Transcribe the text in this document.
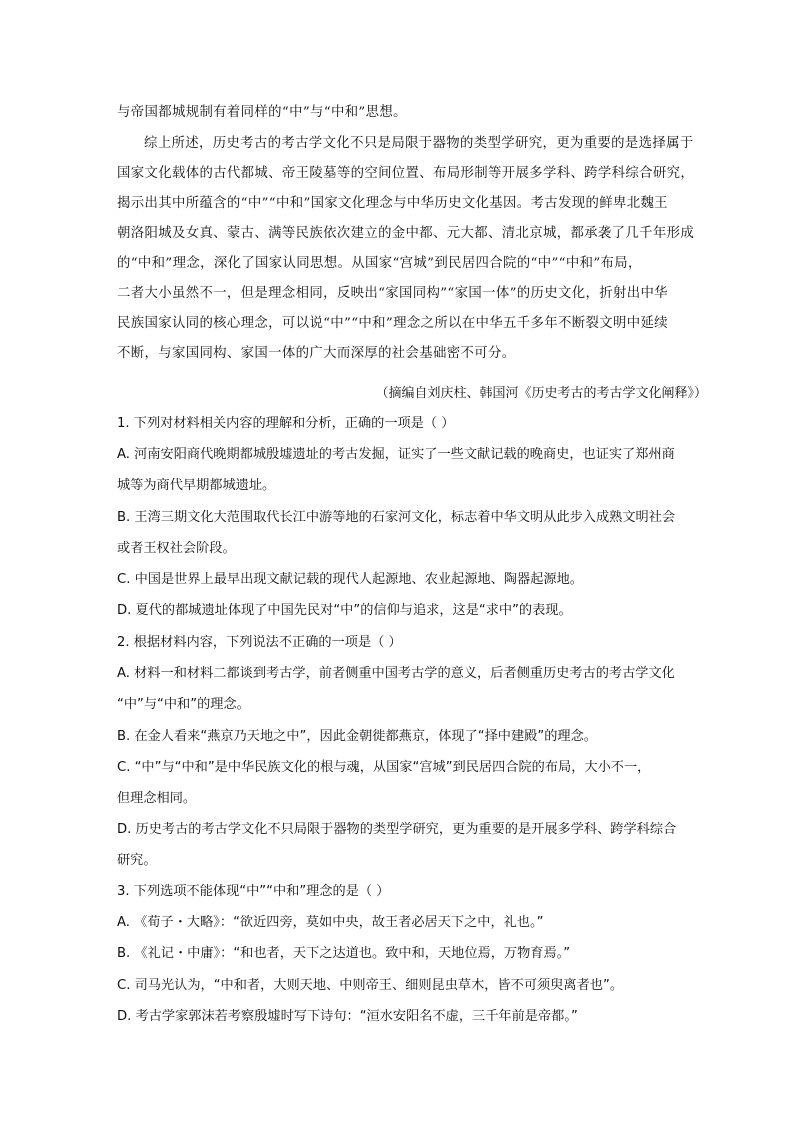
与帝国都城规制有着同样的“中”与“中和”思想。
综上所述，历史考古的考古学文化不只是局限于器物的类型学研究，更为重要的是选择属于
国家文化载体的古代都城、帝王陵墓等的空间位置、布局形制等开展多学科、跨学科综合研究，
揭示出其中所蕴含的“中”“中和”国家文化理念与中华历史文化基因。考古发现的鲜卑北魏王
朝洛阳城及女真、蒙古、满等民族依次建立的金中都、元大都、清北京城，都承袭了几千年形成
的“中和”理念，深化了国家认同思想。从国家“宫城”到民居四合院的“中”“中和”布局，
二者大小虽然不一，但是理念相同，反映出“家国同构”“家国一体”的历史文化，折射出中华
民族国家认同的核心理念，可以说“中”“中和”理念之所以在中华五千多年不断裂文明中延续
不断，与家国同构、家国一体的广大而深厚的社会基础密不可分。
（摘编自刘庆柱、韩国河《历史考古的考古学文化阐释》）
1. 下列对材料相关内容的理解和分析，正确的一项是（ ）
A. 河南安阳商代晚期都城殷墟遗址的考古发掘，证实了一些文献记载的晚商史，也证实了郑州商
城等为商代早期都城遗址。
B. 王湾三期文化大范围取代长江中游等地的石家河文化，标志着中华文明从此步入成熟文明社会
或者王权社会阶段。
C. 中国是世界上最早出现文献记载的现代人起源地、农业起源地、陶器起源地。
D. 夏代的都城遗址体现了中国先民对“中”的信仰与追求，这是“求中”的表现。
2. 根据材料内容，下列说法不正确的一项是（ ）
A. 材料一和材料二都谈到考古学，前者侧重中国考古学的意义，后者侧重历史考古的考古学文化
“中”与“中和”的理念。
B. 在金人看来“燕京乃天地之中”，因此金朝徙都燕京，体现了“择中建殿”的理念。
C. “中”与“中和”是中华民族文化的根与魂，从国家“宫城”到民居四合院的布局，大小不一，
但理念相同。
D. 历史考古的考古学文化不只局限于器物的类型学研究，更为重要的是开展多学科、跨学科综合
研究。
3. 下列选项不能体现“中”“中和”理念的是（ ）
A. 《荀子・大略》：“欲近四旁，莫如中央，故王者必居天下之中，礼也。”
B. 《礼记・中庸》：“和也者，天下之达道也。致中和，天地位焉，万物育焉。”
C. 司马光认为，“中和者，大则天地、中则帝王、细则昆虫草木，皆不可须臾离者也”。
D. 考古学家郭沫若考察殷墟时写下诗句：“洹水安阳名不虚，三千年前是帝都。”
